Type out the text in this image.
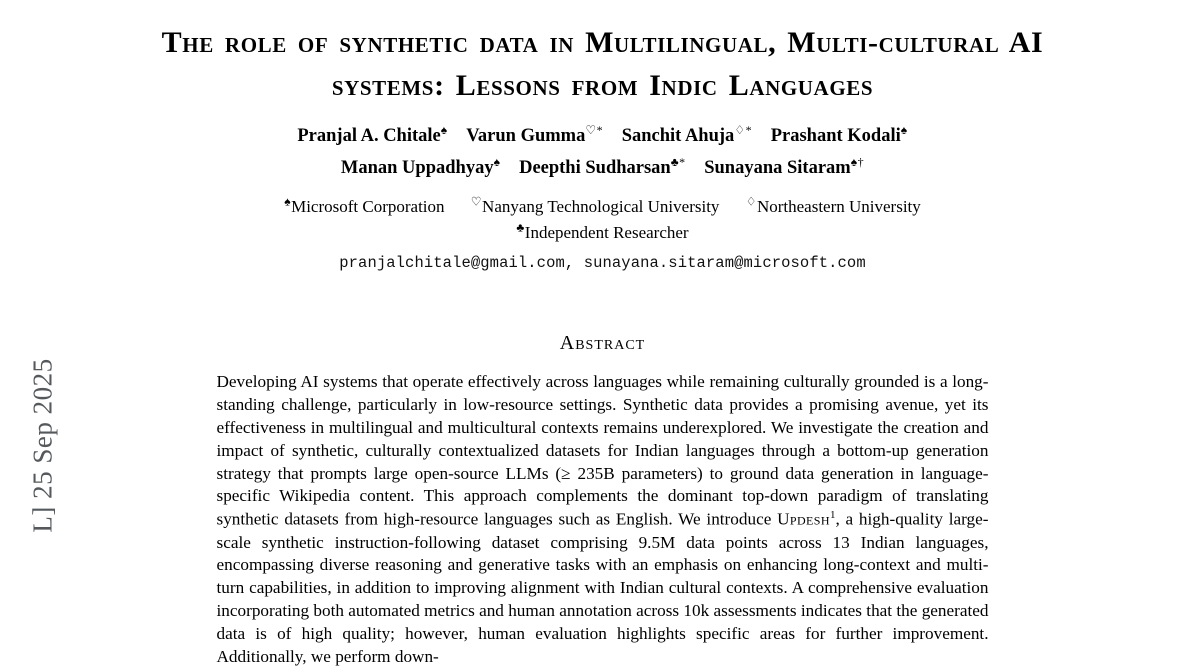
L] 25 Sep 2025
The role of synthetic data in Multilingual, Multi-cultural AI systems: Lessons from Indic Languages
Pranjal A. Chitale♠ Varun Gumma♡* Sanchit Ahuja♢* Prashant Kodali♠
Manan Uppadhyay♠ Deepthi Sudharsan♣* Sunayana Sitaram♠†
♠Microsoft Corporation ♡Nanyang Technological University ♢Northeastern University
♣Independent Researcher
pranjalchitale@gmail.com, sunayana.sitaram@microsoft.com
Abstract
Developing AI systems that operate effectively across languages while remaining culturally grounded is a long-standing challenge, particularly in low-resource settings. Synthetic data provides a promising avenue, yet its effectiveness in multilingual and multicultural contexts remains underexplored. We investigate the creation and impact of synthetic, culturally contextualized datasets for Indian languages through a bottom-up generation strategy that prompts large open-source LLMs (≥ 235B parameters) to ground data generation in language-specific Wikipedia content. This approach complements the dominant top-down paradigm of translating synthetic datasets from high-resource languages such as English. We introduce Updesh$^1$, a high-quality large-scale synthetic instruction-following dataset comprising 9.5M data points across 13 Indian languages, encompassing diverse reasoning and generative tasks with an emphasis on enhancing long-context and multi-turn capabilities, in addition to improving alignment with Indian cultural contexts. A comprehensive evaluation incorporating both automated metrics and human annotation across 10k assessments indicates that the generated data is of high quality; however, human evaluation highlights specific areas for further improvement. Additionally, we perform down-
